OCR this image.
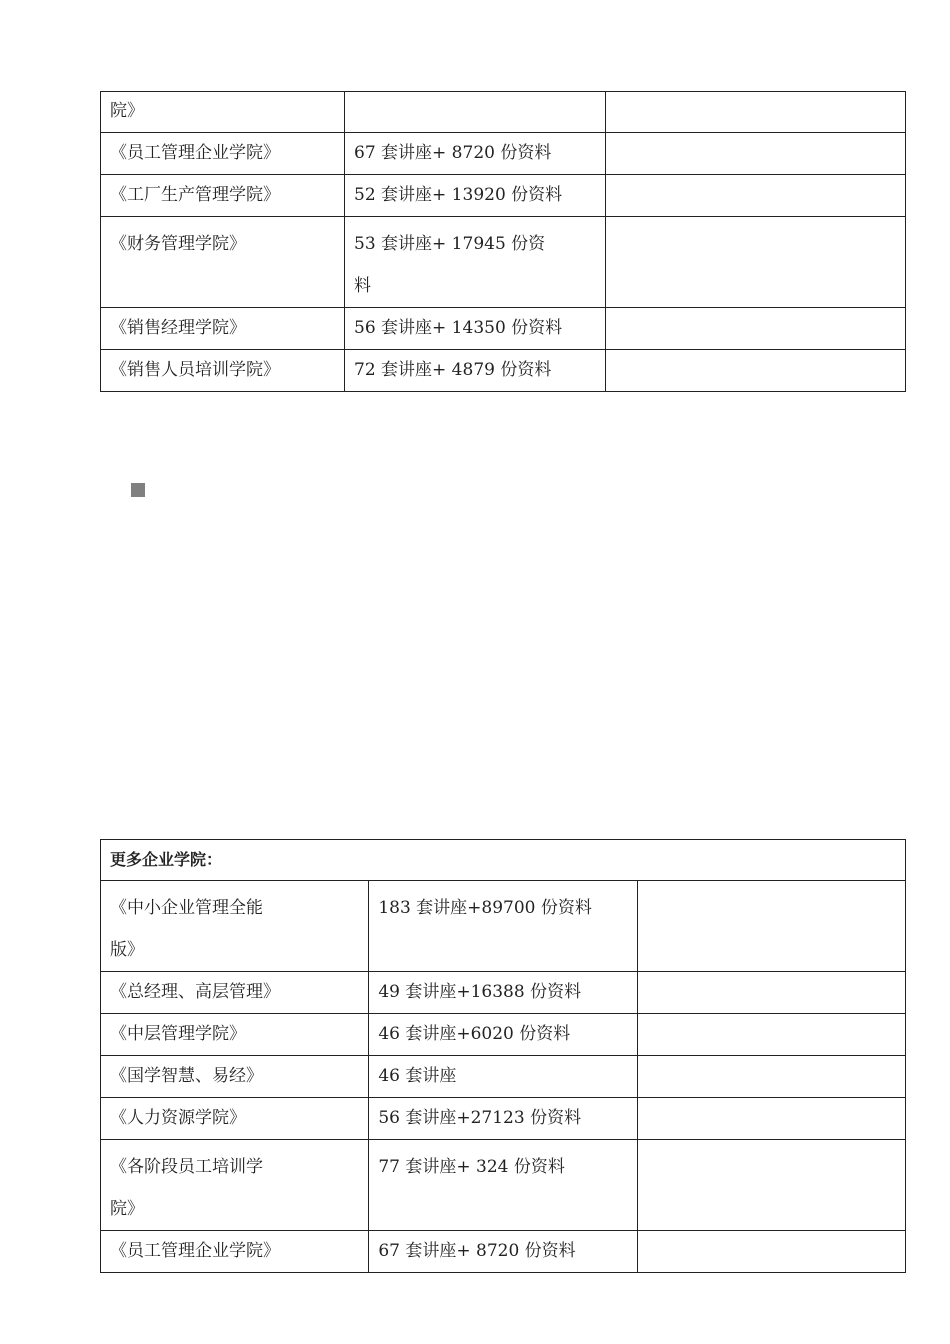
院》		
《员工管理企业学院》	67 套讲座+ 8720 份资料	
《工厂生产管理学院》	52 套讲座+ 13920 份资料	
《财务管理学院》	53 套讲座+ 17945 份资
料	
《销售经理学院》	56 套讲座+ 14350 份资料	
《销售人员培训学院》	72 套讲座+ 4879 份资料	
更多企业学院：		
《中小企业管理全能
版》	183 套讲座+89700 份资料	
《总经理、高层管理》	49 套讲座+16388 份资料	
《中层管理学院》	46 套讲座+6020 份资料	
《国学智慧、易经》	46 套讲座	
《人力资源学院》	56 套讲座+27123 份资料	
《各阶段员工培训学
院》	77 套讲座+ 324 份资料	
《员工管理企业学院》	67 套讲座+ 8720 份资料	
